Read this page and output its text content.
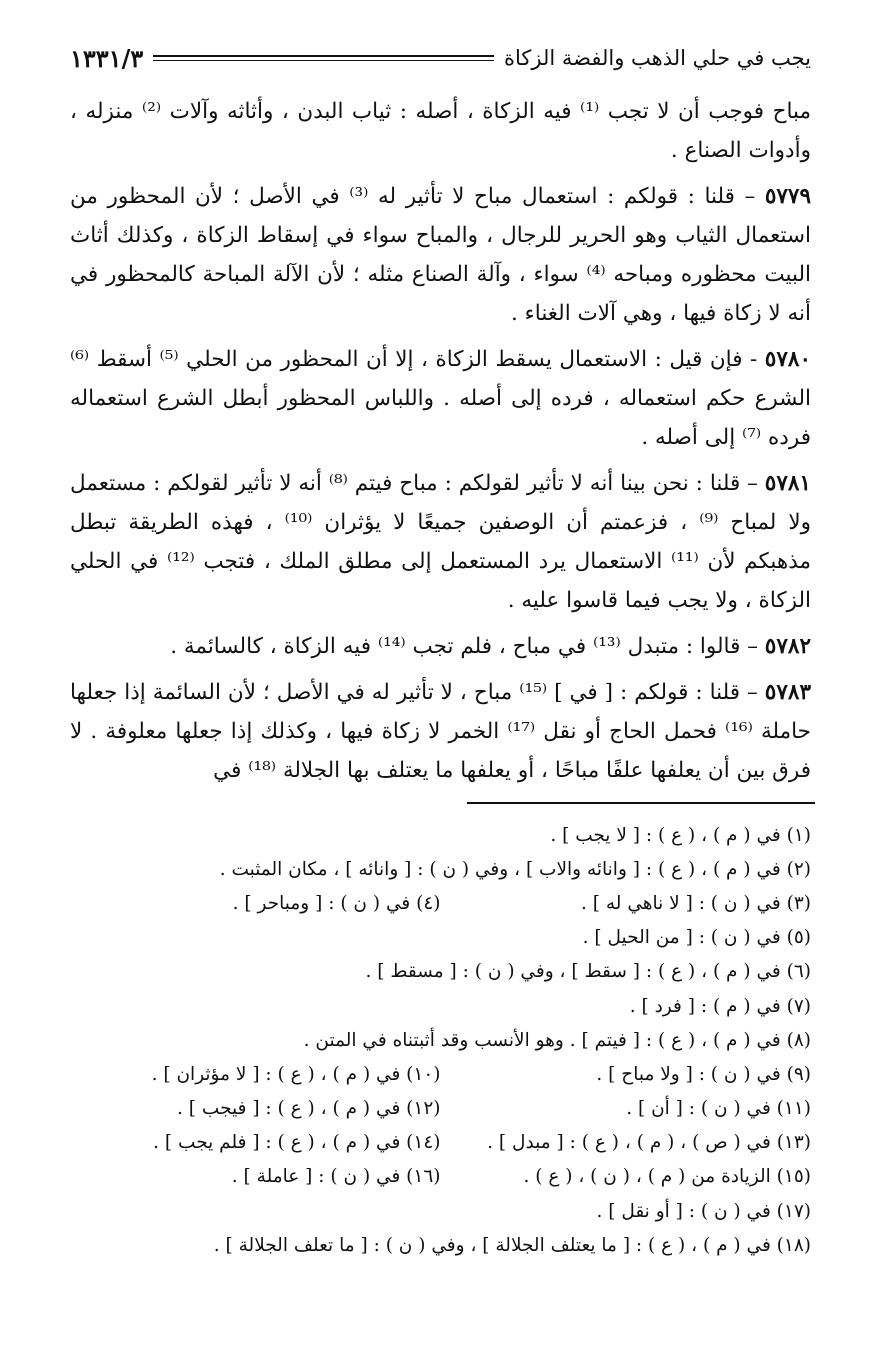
يجب في حلي الذهب والفضة الزكاة
١٣٣١/٣

مباح فوجب أن لا تجب ⁽¹⁾ فيه الزكاة ، أصله : ثياب البدن ، وأثاثه وآلات ⁽²⁾ منزله ، وأدوات الصناع .

٥٧٧٩ – قلنا : قولكم : استعمال مباح لا تأثير له ⁽³⁾ في الأصل ؛ لأن المحظور من استعمال الثياب وهو الحرير للرجال ، والمباح سواء في إسقاط الزكاة ، وكذلك أثاث البيت محظوره ومباحه ⁽⁴⁾ سواء ، وآلة الصناع مثله ؛ لأن الآلة المباحة كالمحظور في أنه لا زكاة فيها ، وهي آلات الغناء .

٥٧٨٠ - فإن قيل : الاستعمال يسقط الزكاة ، إلا أن المحظور من الحلي ⁽⁵⁾ أسقط ⁽⁶⁾ الشرع حكم استعماله ، فرده إلى أصله . واللباس المحظور أبطل الشرع استعماله فرده ⁽⁷⁾ إلى أصله .

٥٧٨١ – قلنا : نحن بينا أنه لا تأثير لقولكم : مباح فيتم ⁽⁸⁾ أنه لا تأثير لقولكم : مستعمل ولا لمباح ⁽⁹⁾ ، فزعمتم أن الوصفين جميعًا لا يؤثران ⁽¹⁰⁾ ، فهذه الطريقة تبطل مذهبكم لأن ⁽¹¹⁾ الاستعمال يرد المستعمل إلى مطلق الملك ، فتجب ⁽¹²⁾ في الحلي الزكاة ، ولا يجب فيما قاسوا عليه .

٥٧٨٢ – قالوا : متبدل ⁽¹³⁾ في مباح ، فلم تجب ⁽¹⁴⁾ فيه الزكاة ، كالسائمة .

٥٧٨٣ – قلنا : قولكم : [ في ] ⁽¹⁵⁾ مباح ، لا تأثير له في الأصل ؛ لأن السائمة إذا جعلها حاملة ⁽¹⁶⁾ فحمل الحاج أو نقل ⁽¹⁷⁾ الخمر لا زكاة فيها ، وكذلك إذا جعلها معلوفة . لا فرق بين أن يعلفها علفًا مباحًا ، أو يعلفها ما يعتلف بها الجلالة ⁽¹⁸⁾ في

(١) في ( م ) ، ( ع ) : [ لا يجب ] .
(٢) في ( م ) ، ( ع ) : [ وانائه والاب ] ، وفي ( ن ) : [ وانائه ] ، مكان المثبت .
(٣) في ( ن ) : [ لا ناهي له ] .
(٤) في ( ن ) : [ ومباحر ] .
(٥) في ( ن ) : [ من الحيل ] .
(٦) في ( م ) ، ( ع ) : [ سقط ] ، وفي ( ن ) : [ مسقط ] .
(٧) في ( م ) : [ فرد ] .
(٨) في ( م ) ، ( ع ) : [ فيتم ] . وهو الأنسب وقد أثبتناه في المتن .
(٩) في ( ن ) : [ ولا مباح ] .
(١٠) في ( م ) ، ( ع ) : [ لا مؤثران ] .
(١١) في ( ن ) : [ أن ] .
(١٢) في ( م ) ، ( ع ) : [ فيجب ] .
(١٣) في ( ص ) ، ( م ) ، ( ع ) : [ مبدل ] .
(١٤) في ( م ) ، ( ع ) : [ فلم يجب ] .
(١٥) الزيادة من ( م ) ، ( ن ) ، ( ع ) .
(١٦) في ( ن ) : [ عاملة ] .
(١٧) في ( ن ) : [ أو نقل ] .
(١٨) في ( م ) ، ( ع ) : [ ما يعتلف الجلالة ] ، وفي ( ن ) : [ ما تعلف الجلالة ] .
